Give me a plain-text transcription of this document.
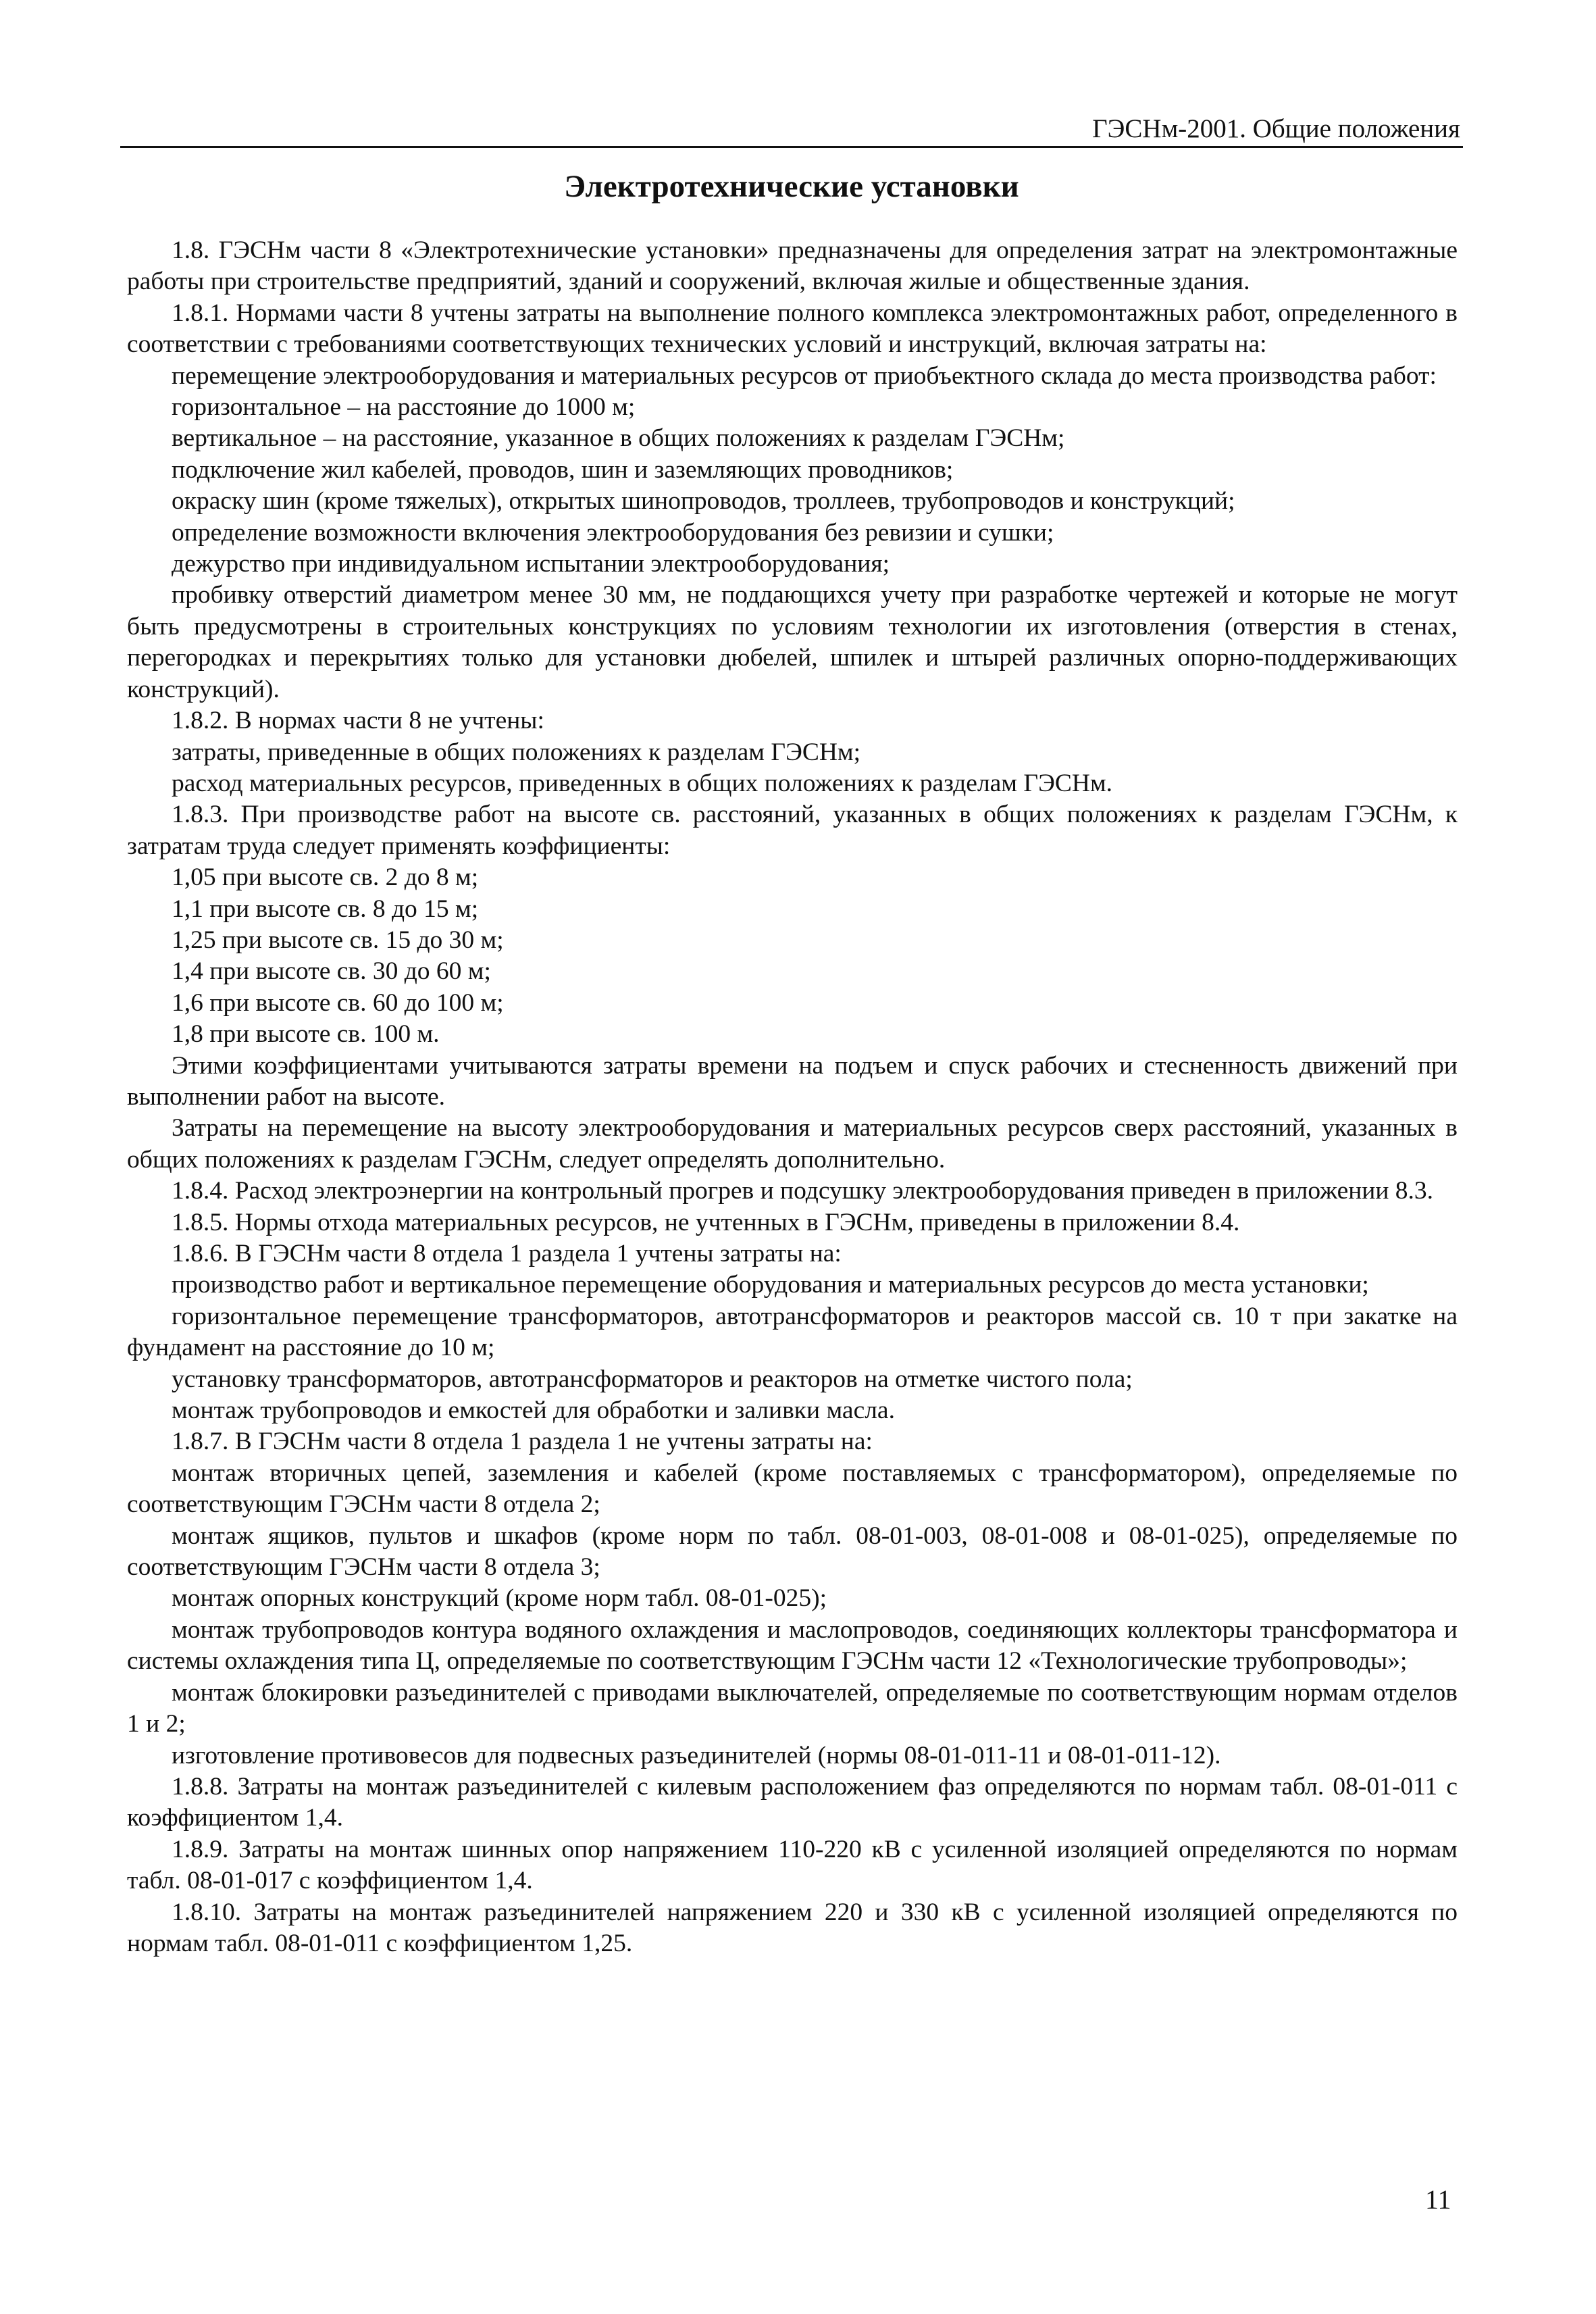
ГЭСНм-2001. Общие положения
Электротехнические установки

1.8. ГЭСНм части 8 «Электротехнические установки» предназначены для определения затрат на электромонтажные работы при строительстве предприятий, зданий и сооружений, включая жилые и общественные здания.

1.8.1. Нормами части 8 учтены затраты на выполнение полного комплекса электромонтажных работ, определенного в соответствии с требованиями соответствующих технических условий и инструкций, включая затраты на:

перемещение электрооборудования и материальных ресурсов от приобъектного склада до места производства работ:

горизонтальное – на расстояние до 1000 м;

вертикальное – на расстояние, указанное в общих положениях к разделам ГЭСНм;

подключение жил кабелей, проводов, шин и заземляющих проводников;

окраску шин (кроме тяжелых), открытых шинопроводов, троллеев, трубопроводов и конструкций;

определение возможности включения электрооборудования без ревизии и сушки;

дежурство при индивидуальном испытании электрооборудования;

пробивку отверстий диаметром менее 30 мм, не поддающихся учету при разработке чертежей и которые не могут быть предусмотрены в строительных конструкциях по условиям технологии их изготовления (отверстия в стенах, перегородках и перекрытиях только для установки дюбелей, шпилек и штырей различных опорно-поддерживающих конструкций).

1.8.2. В нормах части 8 не учтены:

затраты, приведенные в общих положениях к разделам ГЭСНм;

расход материальных ресурсов, приведенных в общих положениях к разделам ГЭСНм.

1.8.3. При производстве работ на высоте св. расстояний, указанных в общих положениях к разделам ГЭСНм, к затратам труда следует применять коэффициенты:

1,05 при высоте св. 2 до 8 м;

1,1 при высоте св. 8 до 15 м;

1,25 при высоте св. 15 до 30 м;

1,4 при высоте св. 30 до 60 м;

1,6 при высоте св. 60 до 100 м;

1,8 при высоте св. 100 м.

Этими коэффициентами учитываются затраты времени на подъем и спуск рабочих и стесненность движений при выполнении работ на высоте.

Затраты на перемещение на высоту электрооборудования и материальных ресурсов сверх расстояний, указанных в общих положениях к разделам ГЭСНм, следует определять дополнительно.

1.8.4. Расход электроэнергии на контрольный прогрев и подсушку электрооборудования приведен в приложении 8.3.

1.8.5. Нормы отхода материальных ресурсов, не учтенных в ГЭСНм, приведены в приложении 8.4.

1.8.6. В ГЭСНм части 8 отдела 1 раздела 1 учтены затраты на:

производство работ и вертикальное перемещение оборудования и материальных ресурсов до места установки;

горизонтальное перемещение трансформаторов, автотрансформаторов и реакторов массой св. 10 т при закатке на фундамент на расстояние до 10 м;

установку трансформаторов, автотрансформаторов и реакторов на отметке чистого пола;

монтаж трубопроводов и емкостей для обработки и заливки масла.

1.8.7. В ГЭСНм части 8 отдела 1 раздела 1 не учтены затраты на:

монтаж вторичных цепей, заземления и кабелей (кроме поставляемых с трансформатором), определяемые по соответствующим ГЭСНм части 8 отдела 2;

монтаж ящиков, пультов и шкафов (кроме норм по табл. 08-01-003, 08-01-008 и 08-01-025), определяемые по соответствующим ГЭСНм части 8 отдела 3;

монтаж опорных конструкций (кроме норм табл. 08-01-025);

монтаж трубопроводов контура водяного охлаждения и маслопроводов, соединяющих коллекторы трансформатора и системы охлаждения типа Ц, определяемые по соответствующим ГЭСНм части 12 «Технологические трубопроводы»;

монтаж блокировки разъединителей с приводами выключателей, определяемые по соответствующим нормам отделов 1 и 2;

изготовление противовесов для подвесных разъединителей (нормы 08-01-011-11 и 08-01-011-12).

1.8.8. Затраты на монтаж разъединителей с килевым расположением фаз определяются по нормам табл. 08-01-011 с коэффициентом 1,4.

1.8.9. Затраты на монтаж шинных опор напряжением 110-220 кВ с усиленной изоляцией определяются по нормам табл. 08-01-017 с коэффициентом 1,4.

1.8.10. Затраты на монтаж разъединителей напряжением 220 и 330 кВ с усиленной изоляцией определяются по нормам табл. 08-01-011 с коэффициентом 1,25.

11
